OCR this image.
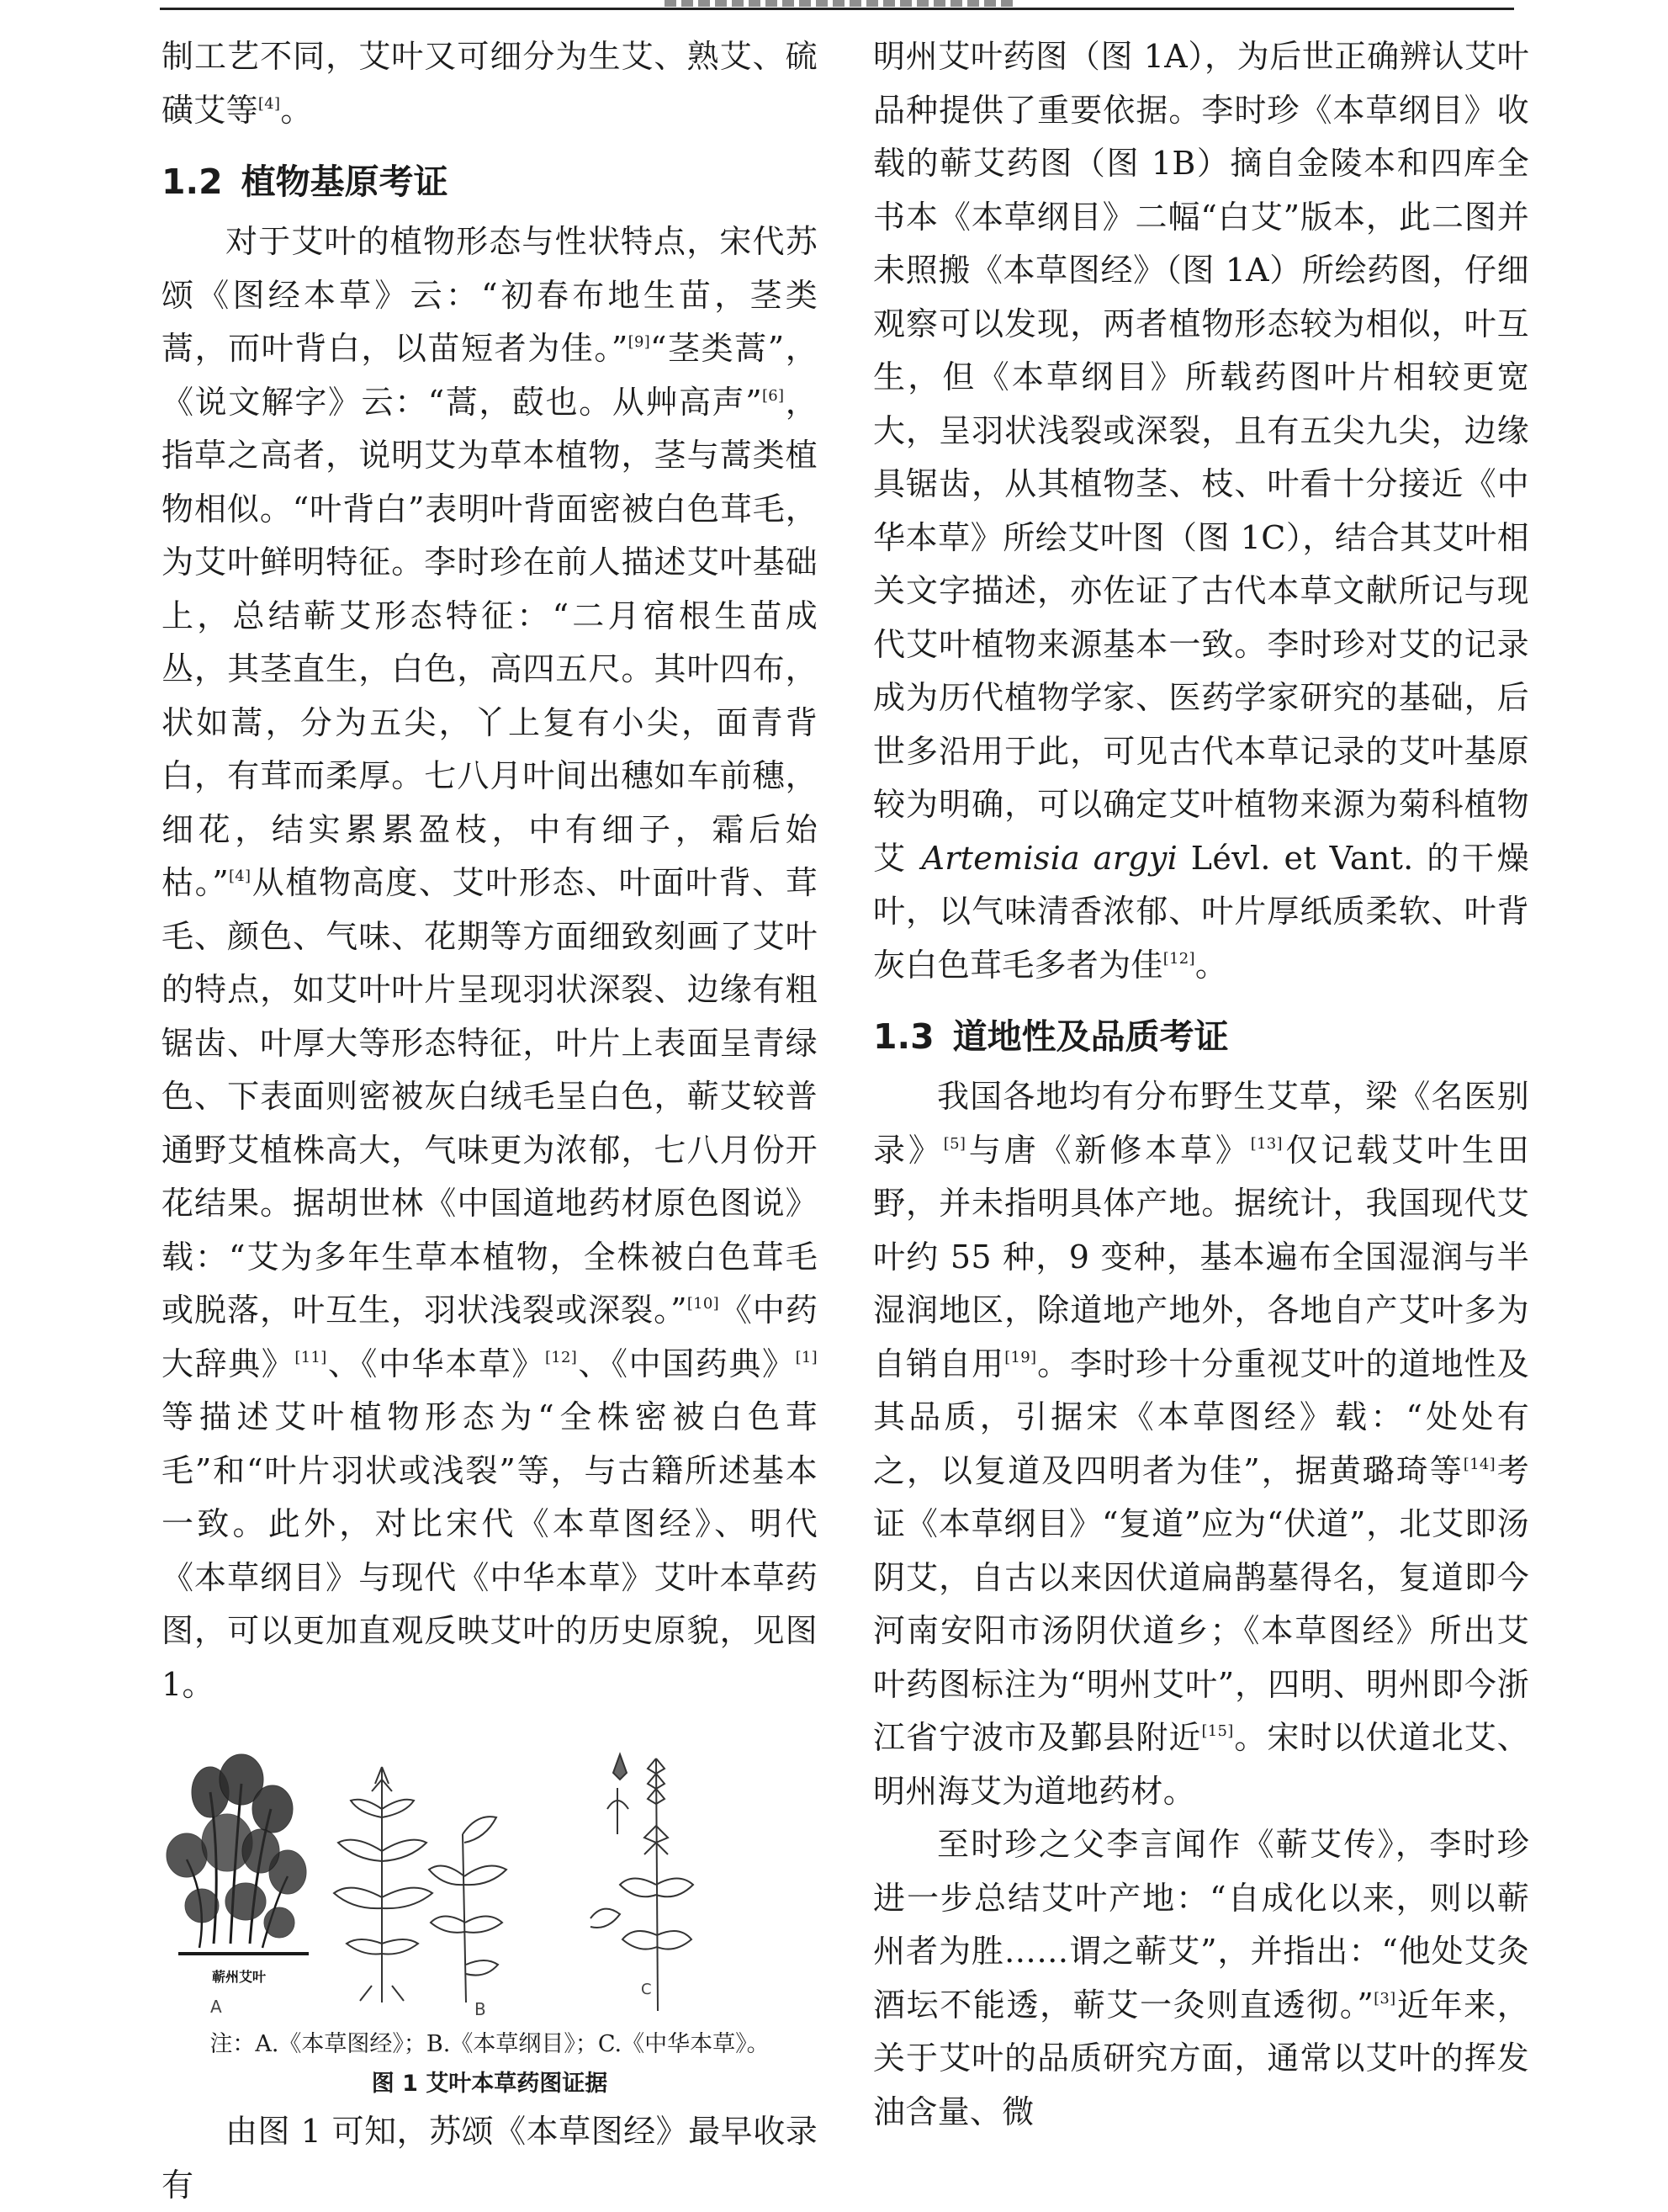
制工艺不同，艾叶又可细分为生艾、熟艾、硫磺艾等[4]。

1.2 植物基原考证

对于艾叶的植物形态与性状特点，宋代苏颂《图经本草》云：“初春布地生苗，茎类蒿，而叶背白，以苗短者为佳。”[9]“茎类蒿”，《说文解字》云：“蒿，菣也。从艸高声”[6]，指草之高者，说明艾为草本植物，茎与蒿类植物相似。“叶背白”表明叶背面密被白色茸毛，为艾叶鲜明特征。李时珍在前人描述艾叶基础上，总结蕲艾形态特征：“二月宿根生苗成丛，其茎直生，白色，高四五尺。其叶四布，状如蒿，分为五尖，丫上复有小尖，面青背白，有茸而柔厚。七八月叶间出穗如车前穗，细花，结实累累盈枝，中有细子，霜后始枯。”[4]从植物高度、艾叶形态、叶面叶背、茸毛、颜色、气味、花期等方面细致刻画了艾叶的特点，如艾叶叶片呈现羽状深裂、边缘有粗锯齿、叶厚大等形态特征，叶片上表面呈青绿色、下表面则密被灰白绒毛呈白色，蕲艾较普通野艾植株高大，气味更为浓郁，七八月份开花结果。据胡世林《中国道地药材原色图说》载：“艾为多年生草本植物，全株被白色茸毛或脱落，叶互生，羽状浅裂或深裂。”[10]《中药大辞典》[11]、《中华本草》[12]、《中国药典》[1]等描述艾叶植物形态为“全株密被白色茸毛”和“叶片羽状或浅裂”等，与古籍所述基本一致。此外，对比宋代《本草图经》、明代《本草纲目》与现代《中华本草》艾叶本草药图，可以更加直观反映艾叶的历史原貌，见图 1。

蕲州艾叶
A	B
C

注：A.《本草图经》；B.《本草纲目》；C.《中华本草》。

图 1 艾叶本草药图证据

由图 1 可知，苏颂《本草图经》最早收录有

明州艾叶药图（图 1A），为后世正确辨认艾叶品种提供了重要依据。李时珍《本草纲目》收载的蕲艾药图（图 1B）摘自金陵本和四库全书本《本草纲目》二幅“白艾”版本，此二图并未照搬《本草图经》（图 1A）所绘药图，仔细观察可以发现，两者植物形态较为相似，叶互生，但《本草纲目》所载药图叶片相较更宽大，呈羽状浅裂或深裂，且有五尖九尖，边缘具锯齿，从其植物茎、枝、叶看十分接近《中华本草》所绘艾叶图（图 1C），结合其艾叶相关文字描述，亦佐证了古代本草文献所记与现代艾叶植物来源基本一致。李时珍对艾的记录成为历代植物学家、医药学家研究的基础，后世多沿用于此，可见古代本草记录的艾叶基原较为明确，可以确定艾叶植物来源为菊科植物艾 Artemisia argyi Lévl. et Vant. 的干燥叶，以气味清香浓郁、叶片厚纸质柔软、叶背灰白色茸毛多者为佳[12]。

1.3 道地性及品质考证

我国各地均有分布野生艾草，梁《名医别录》[5]与唐《新修本草》[13]仅记载艾叶生田野，并未指明具体产地。据统计，我国现代艾叶约 55 种，9 变种，基本遍布全国湿润与半湿润地区，除道地产地外，各地自产艾叶多为自销自用[19]。李时珍十分重视艾叶的道地性及其品质，引据宋《本草图经》载：“处处有之，以复道及四明者为佳”，据黄璐琦等[14]考证《本草纲目》“复道”应为“伏道”，北艾即汤阴艾，自古以来因伏道扁鹊墓得名，复道即今河南安阳市汤阴伏道乡；《本草图经》所出艾叶药图标注为“明州艾叶”，四明、明州即今浙江省宁波市及鄞县附近[15]。宋时以伏道北艾、明州海艾为道地药材。

至时珍之父李言闻作《蕲艾传》，李时珍进一步总结艾叶产地：“自成化以来，则以蕲州者为胜……谓之蕲艾”，并指出：“他处艾灸酒坛不能透，蕲艾一灸则直透彻。”[3]近年来，关于艾叶的品质研究方面，通常以艾叶的挥发油含量、微
